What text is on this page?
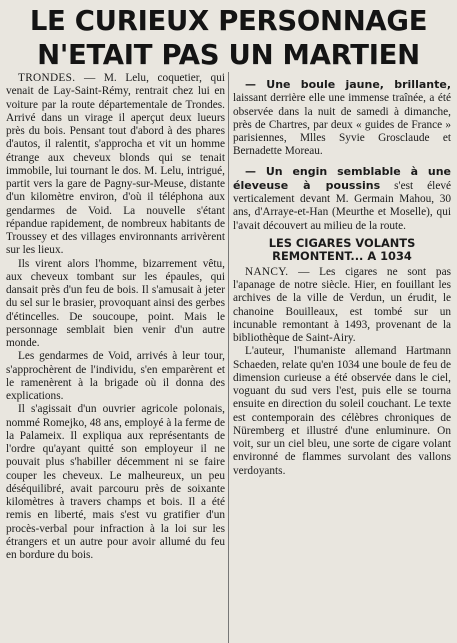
LE CURIEUX PERSONNAGE
N'ETAIT PAS UN MARTIEN

TRONDES. — M. Lelu, coquetier, qui venait de Lay-Saint-Rémy, rentrait chez lui en voiture par la route départementale de Trondes. Arrivé dans un virage il aperçut deux lueurs près du bois. Pensant tout d'abord à des phares d'autos, il ralentit, s'approcha et vit un homme étrange aux cheveux blonds qui se tenait immobile, lui tournant le dos. M. Lelu, intrigué, partit vers la gare de Pagny-sur-Meuse, distante d'un kilomètre environ, d'où il téléphona aux gendarmes de Void. La nouvelle s'étant répandue rapidement, de nombreux habitants de Troussey et des villages environnants arrivèrent sur les lieux.

Ils virent alors l'homme, bizarrement vêtu, aux cheveux tombant sur les épaules, qui dansait près d'un feu de bois. Il s'amusait à jeter du sel sur le brasier, provoquant ainsi des gerbes d'étincelles. De soucoupe, point. Mais le personnage semblait bien venir d'un autre monde.

Les gendarmes de Void, arrivés à leur tour, s'approchèrent de l'individu, s'en emparèrent et le ramenèrent à la brigade où il donna des explications.

Il s'agissait d'un ouvrier agricole polonais, nommé Romejko, 48 ans, employé à la ferme de la Palameix. Il expliqua aux représentants de l'ordre qu'ayant quitté son employeur il ne pouvait plus s'habiller décemment ni se faire couper les cheveux. Le malheureux, un peu déséquilibré, avait parcouru près de soixante kilomètres à travers champs et bois. Il a été remis en liberté, mais s'est vu gratifier d'un procès-verbal pour infraction à la loi sur les étrangers et un autre pour avoir allumé du feu en bordure du bois.

— Une boule jaune, brillante, laissant derrière elle une immense traînée, a été observée dans la nuit de samedi à dimanche, près de Chartres, par deux « guides de France » parisiennes, Mlles Syvie Grosclaude et Bernadette Moreau.

— Un engin semblable à une éleveuse à poussins s'est élevé verticalement devant M. Germain Mahou, 30 ans, d'Arraye-et-Han (Meurthe et Moselle), qui l'avait découvert au milieu de la route.

LES CIGARES VOLANTS
REMONTENT... A 1034

NANCY. — Les cigares ne sont pas l'apanage de notre siècle. Hier, en fouillant les archives de la ville de Verdun, un érudit, le chanoine Bouilleaux, est tombé sur un incunable remontant à 1493, provenant de la bibliothèque de Saint-Airy.

L'auteur, l'humaniste allemand Hartmann Schaeden, relate qu'en 1034 une boule de feu de dimension curieuse a été observée dans le ciel, voguant du sud vers l'est, puis elle se tourna ensuite en direction du soleil couchant. Le texte est contemporain des célèbres chroniques de Nüremberg et illustré d'une enluminure. On voit, sur un ciel bleu, une sorte de cigare volant environné de flammes survolant des vallons verdoyants.
